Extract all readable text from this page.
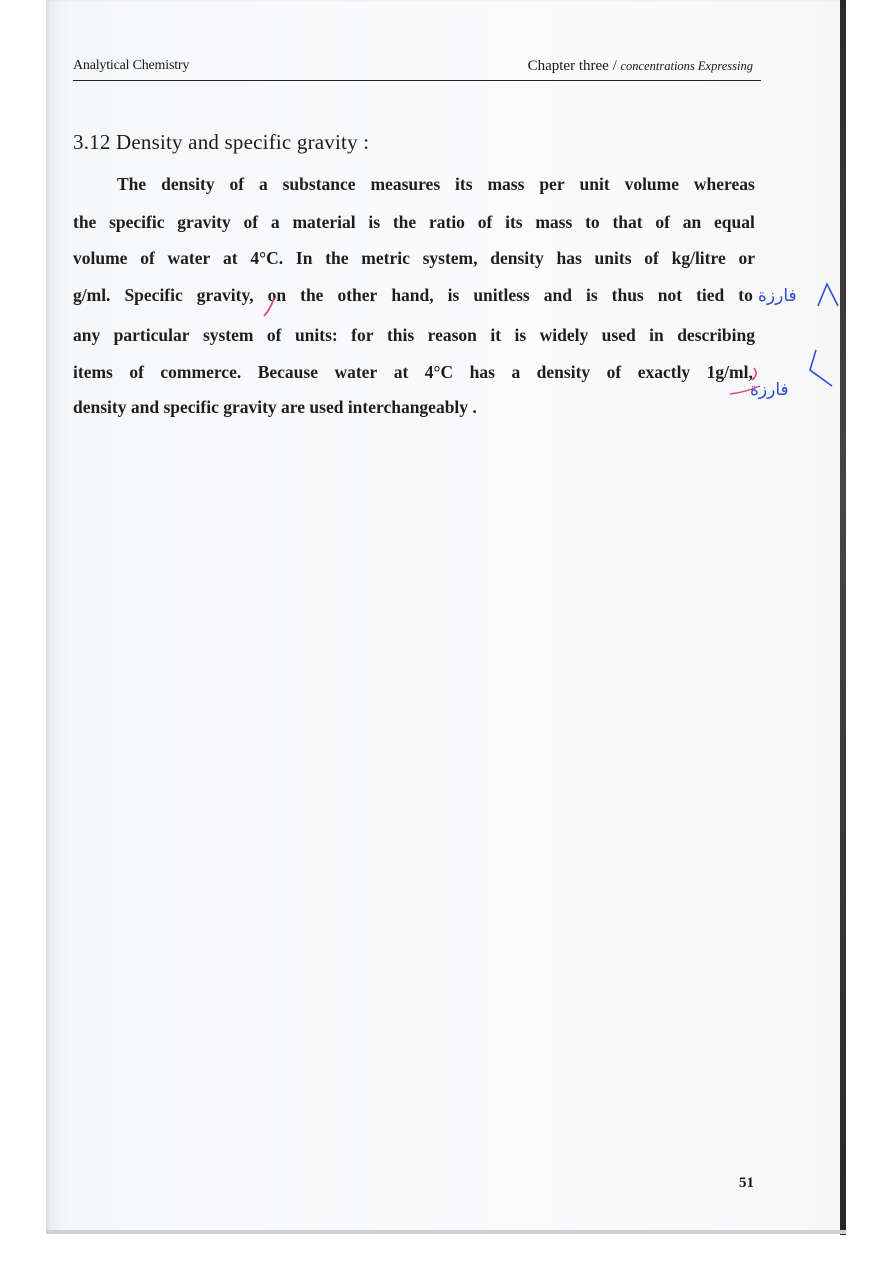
Analytical Chemistry	Chapter three / concentrations Expressing
3.12 Density and specific gravity :
The density of a substance measures its mass per unit volume whereas
the specific gravity of a material is the ratio of its mass to that of an equal
volume of water at 4°C. In the metric system, density has units of kg/litre or
g/ml. Specific gravity, on the other hand, is unitless and is thus not tied to
any particular system of units: for this reason it is widely used in describing
items of commerce. Because water at 4°C has a density of exactly 1g/ml,
density and specific gravity are used interchangeably .
فارزة
فارزة
51
